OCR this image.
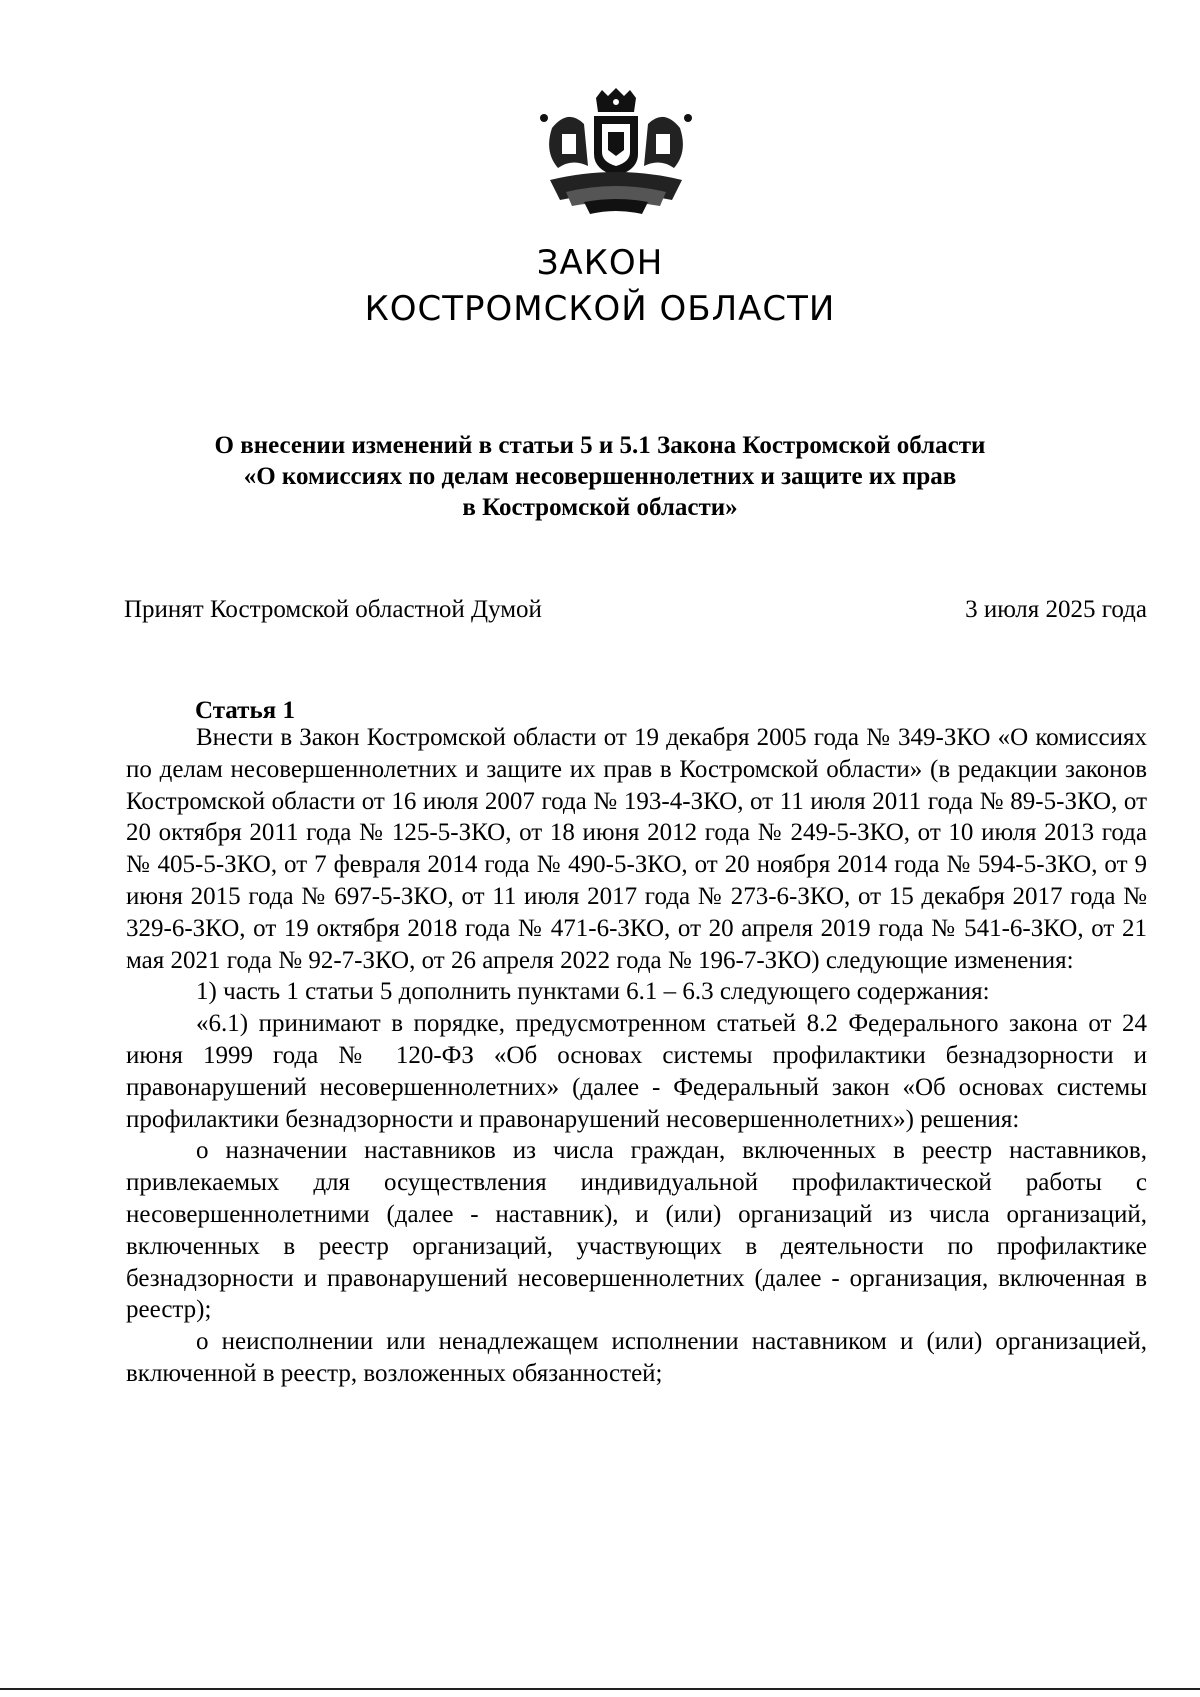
ЗАКОН
КОСТРОМСКОЙ ОБЛАСТИ
О внесении изменений в статьи 5 и 5.1 Закона Костромской области
«О комиссиях по делам несовершеннолетних и защите их прав
в Костромской области»
Принят Костромской областной Думой	3 июля 2025 года
Статья 1

Внести в Закон Костромской области от 19 декабря 2005 года № 349-ЗКО «О комиссиях по делам несовершеннолетних и защите их прав в Костромской области» (в редакции законов Костромской области от 16 июля 2007 года № 193-4-ЗКО, от 11 июля 2011 года № 89-5-ЗКО, от 20 октября 2011 года № 125-5-ЗКО, от 18 июня 2012 года № 249-5-ЗКО, от 10 июля 2013 года № 405-5-ЗКО, от 7 февраля 2014 года № 490-5-ЗКО, от 20 ноября 2014 года № 594-5-ЗКО, от 9 июня 2015 года № 697-5-ЗКО, от 11 июля 2017 года № 273-6-ЗКО, от 15 декабря 2017 года № 329-6-ЗКО, от 19 октября 2018 года № 471-6-ЗКО, от 20 апреля 2019 года № 541-6-ЗКО, от 21 мая 2021 года № 92-7-ЗКО, от 26 апреля 2022 года № 196-7-ЗКО) следующие изменения:

1) часть 1 статьи 5 дополнить пунктами 6.1 – 6.3 следующего содержания:

«6.1) принимают в порядке, предусмотренном статьей 8.2 Федерального закона от 24 июня 1999 года № 120-ФЗ «Об основах системы профилактики безнадзорности и правонарушений несовершеннолетних» (далее - Федеральный закон «Об основах системы профилактики безнадзорности и правонарушений несовершеннолетних») решения:

о назначении наставников из числа граждан, включенных в реестр наставников, привлекаемых для осуществления индивидуальной профилактической работы с несовершеннолетними (далее - наставник), и (или) организаций из числа организаций, включенных в реестр организаций, участвующих в деятельности по профилактике безнадзорности и правонарушений несовершеннолетних (далее - организация, включенная в реестр);

о неисполнении или ненадлежащем исполнении наставником и (или) организацией, включенной в реестр, возложенных обязанностей;
